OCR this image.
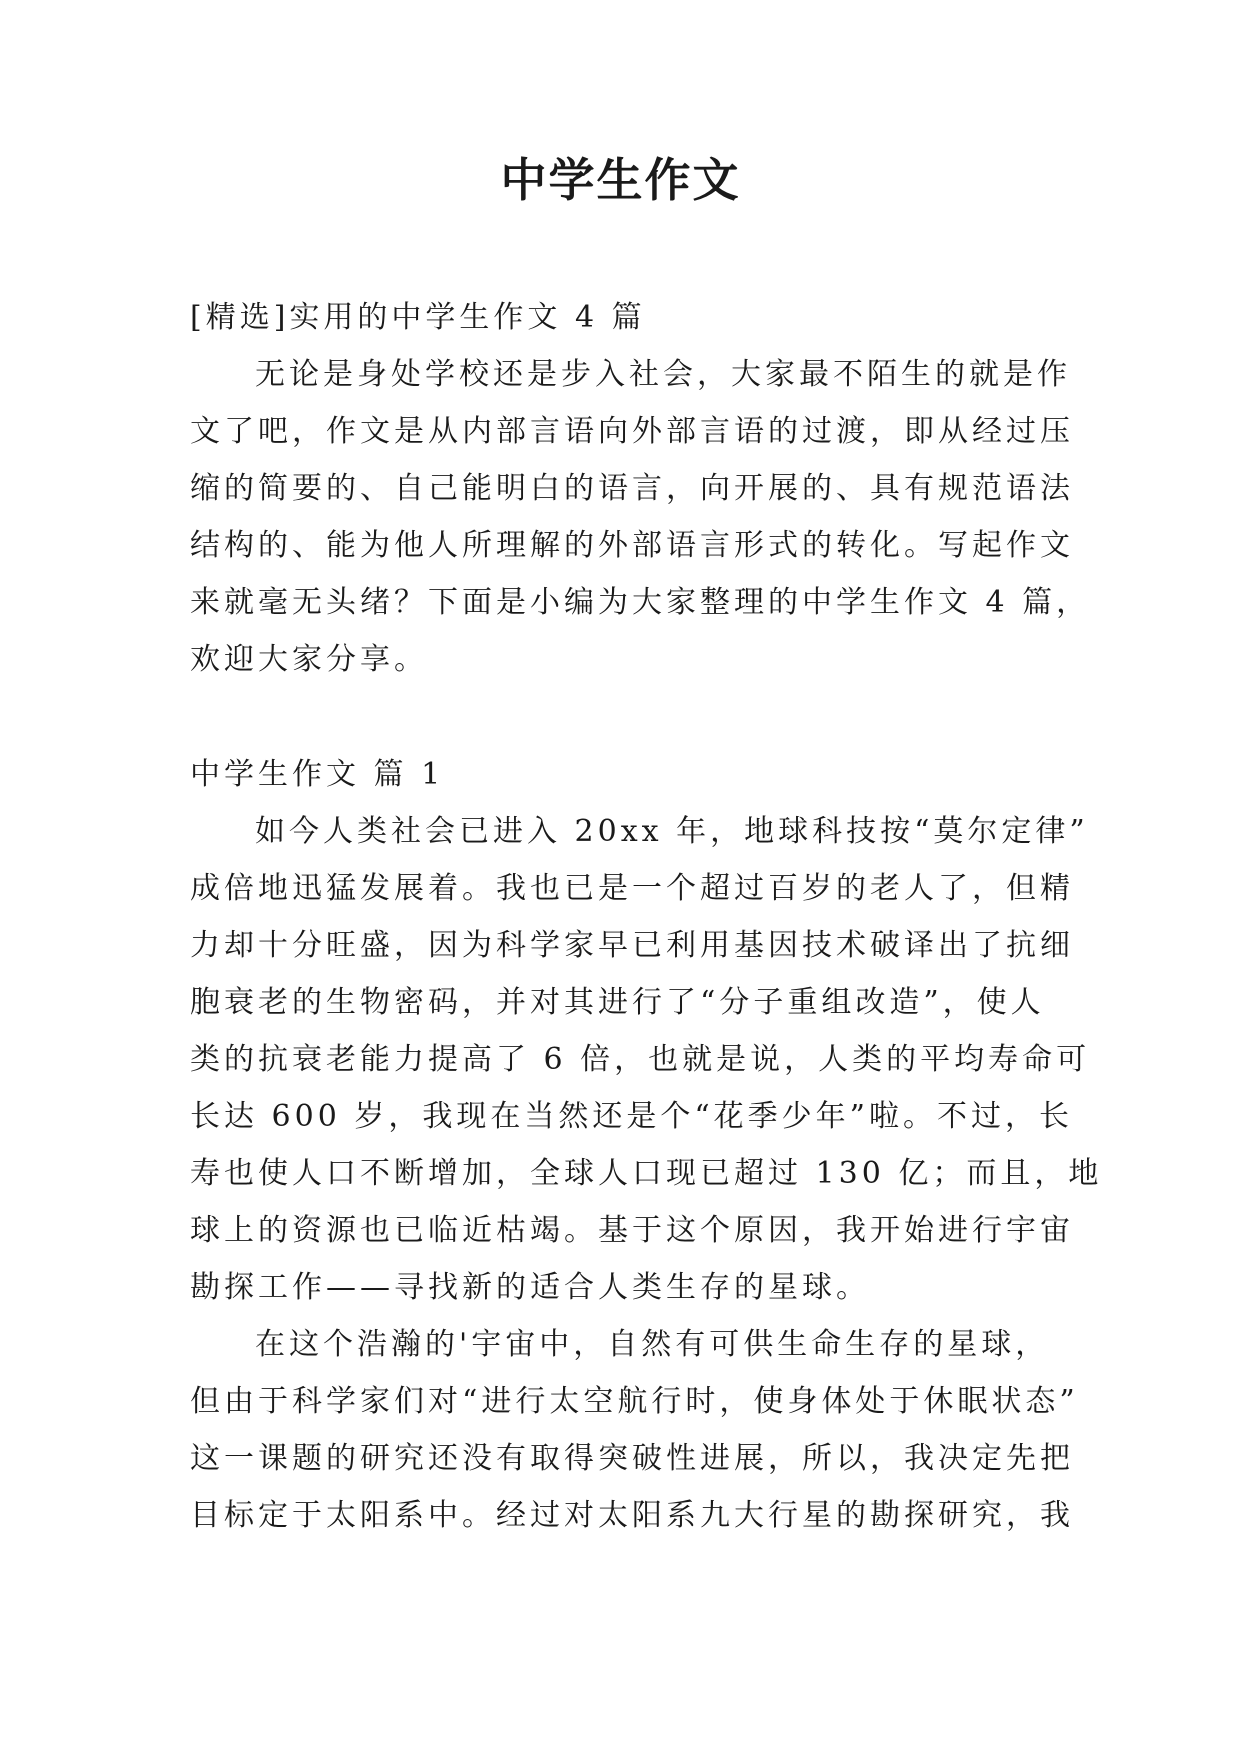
中学生作文
[精选]实用的中学生作文 4 篇
无论是身处学校还是步入社会，大家最不陌生的就是作
文了吧，作文是从内部言语向外部言语的过渡，即从经过压
缩的简要的、自己能明白的语言，向开展的、具有规范语法
结构的、能为他人所理解的外部语言形式的转化。写起作文
来就毫无头绪？下面是小编为大家整理的中学生作文 4 篇，
欢迎大家分享。
中学生作文 篇 1
如今人类社会已进入 20xx 年，地球科技按“莫尔定律”
成倍地迅猛发展着。我也已是一个超过百岁的老人了，但精
力却十分旺盛，因为科学家早已利用基因技术破译出了抗细
胞衰老的生物密码，并对其进行了“分子重组改造”，使人
类的抗衰老能力提高了 6 倍，也就是说，人类的平均寿命可
长达 600 岁，我现在当然还是个“花季少年”啦。不过，长
寿也使人口不断增加，全球人口现已超过 130 亿；而且，地
球上的资源也已临近枯竭。基于这个原因，我开始进行宇宙
勘探工作——寻找新的适合人类生存的星球。
在这个浩瀚的'宇宙中，自然有可供生命生存的星球，
但由于科学家们对“进行太空航行时，使身体处于休眠状态”
这一课题的研究还没有取得突破性进展，所以，我决定先把
目标定于太阳系中。经过对太阳系九大行星的勘探研究，我
